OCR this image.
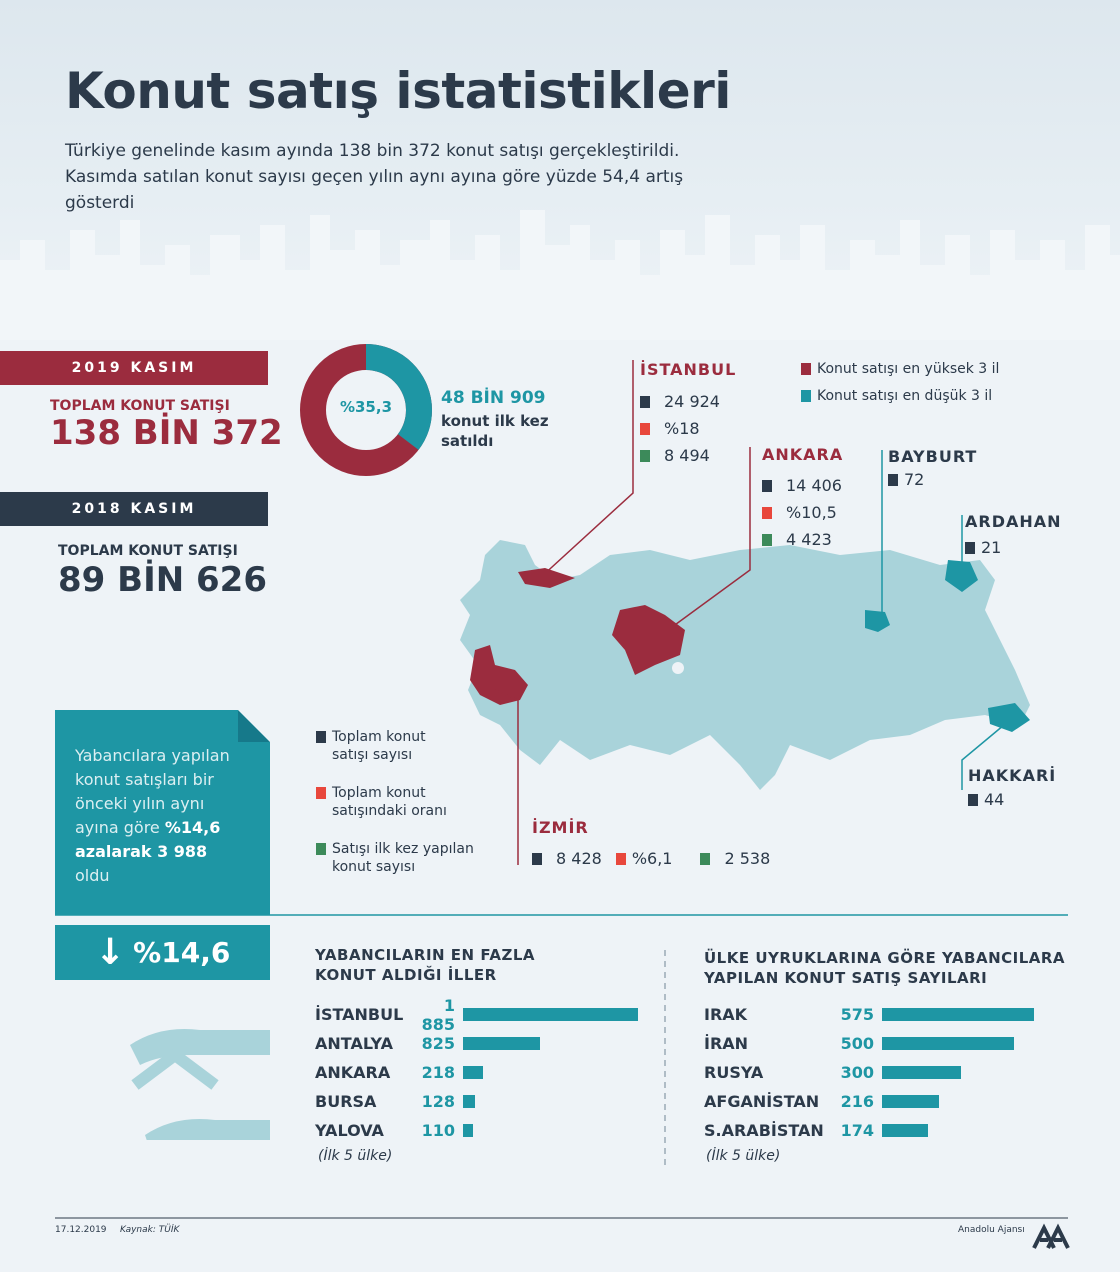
Konut satış istatistikleri
Türkiye genelinde kasım ayında 138 bin 372 konut satışı gerçekleştirildi.
Kasımda satılan konut sayısı geçen yılın aynı ayına göre yüzde 54,4 artış
gösterdi
2019 KASIM
TOPLAM KONUT SATIŞI
138 BİN 372
2018 KASIM
TOPLAM KONUT SATIŞI
89 BİN 626
%35,3	48 BİN 909
konut ilk kez
satıldı
Konut satışı en yüksek 3 il
Konut satışı en düşük 3 il
İSTANBUL
24 924
%18
8 494	ANKARA
14 406
%10,5
4 423
BAYBURT
72
ARDAHAN
21
HAKKARİ
44
İZMİR
8 428 %6,1	2 538
Toplam konut
satışı sayısı
Toplam konut
satışındaki oranı
Satışı ilk kez yapılan
konut sayısı
Yabancılara yapılan
konut satışları bir
önceki yılın aynı
ayına göre %14,6
azalarak 3 988
oldu
↓ %14,6	YABANCILARIN EN FAZLA
KONUT ALDIĞI İLLER
İSTANBUL	1 885
ANTALYA	825
ANKARA	218
BURSA	128
YALOVA	110
(İlk 5 ülke)
ÜLKE UYRUKLARINA GÖRE YABANCILARA
YAPILAN KONUT SATIŞ SAYILARI
IRAK	575
İRAN	500
RUSYA	300
AFGANİSTAN	216
S.ARABİSTAN	174
(İlk 5 ülke)
17.12.2019 Kaynak: TÜİK	Anadolu Ajansı
